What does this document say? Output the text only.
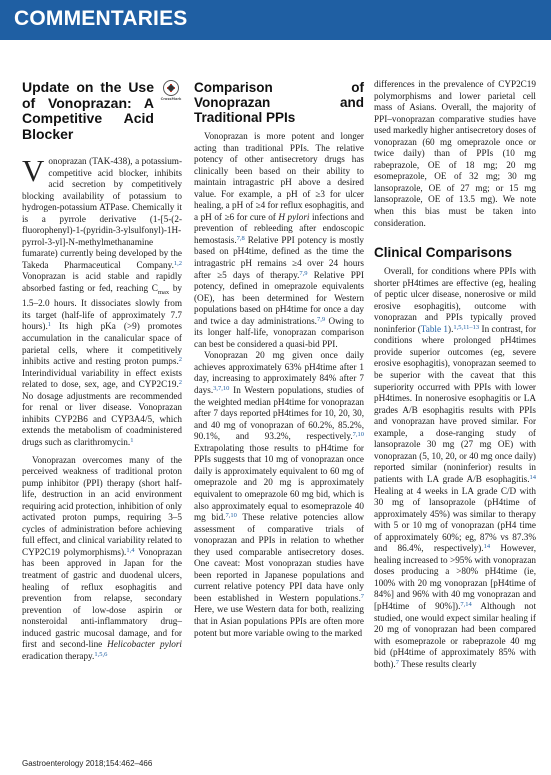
COMMENTARIES
Update on the Use of Vonoprazan: A Competitive Acid Blocker
CrossMark

Vonoprazan (TAK-438), a potassium-competitive acid blocker, inhibits acid secretion by competitively blocking availability of potassium to hydrogen-potassium ATPase. Chemically it is a pyrrole derivative (1-[5-(2-fluorophenyl)-1-(pyridin-3-ylsulfonyl)-1H-pyrrol-3-yl]-N-methylmethanamine fumarate) currently being developed by the Takeda Pharmaceutical Company.$^{1,2}$ Vonoprazan is acid stable and rapidly absorbed fasting or fed, reaching $C_{max}$ by 1.5–2.0 hours. It dissociates slowly from its target (half-life of approximately 7.7 hours).$^1$ Its high pKa (>9) promotes accumulation in the canalicular space of parietal cells, where it competitively inhibits active and resting proton pumps.$^2$ Interindividual variability in effect exists related to dose, sex, age, and CYP2C19.$^2$ No dosage adjustments are recommended for renal or liver disease. Vonoprazan inhibits CYP2B6 and CYP3A4/5, which extends the metabolism of coadministered drugs such as clarithromycin.$^1$

Vonoprazan overcomes many of the perceived weakness of traditional proton pump inhibitor (PPI) therapy (short half-life, destruction in an acid environment requiring acid protection, inhibition of only activated proton pumps, requiring 3–5 cycles of administration before achieving full effect, and clinical variability related to CYP2C19 polymorphisms).$^{1,4}$ Vonoprazan has been approved in Japan for the treatment of gastric and duodenal ulcers, healing of reflux esophagitis and prevention from relapse, secondary prevention of low-dose aspirin or nonsteroidal anti-inflammatory drug–induced gastric mucosal damage, and for first and second-line Helicobacter pylori eradication therapy.$^{1,5,6}$

Comparison of Vonoprazan and Traditional PPIs

Vonoprazan is more potent and longer acting than traditional PPIs. The relative potency of other antisecretory drugs has clinically been based on their ability to maintain intragastric pH above a desired value. For example, a pH of ≥3 for ulcer healing, a pH of ≥4 for reflux esophagitis, and a pH of ≥6 for cure of H pylori infections and prevention of rebleeding after endoscopic hemostasis.$^{7,8}$ Relative PPI potency is mostly based on pH4time, defined as the time the intragastric pH remains ≥4 over 24 hours after ≥5 days of therapy.$^{7,9}$ Relative PPI potency, defined in omeprazole equivalents (OE), has been determined for Western populations based on pH4time for once a day and twice a day administrations.$^{7,9}$ Owing to its longer half-life, vonoprazan comparison can best be considered a quasi-bid PPI.

Vonoprazan 20 mg given once daily achieves approximately 63% pH4time after 1 day, increasing to approximately 84% after 7 days.$^{3,7,10}$ In Western populations, studies of the weighted median pH4time for vonoprazan after 7 days reported pH4times for 10, 20, 30, and 40 mg of vonoprazan of 60.2%, 85.2%, 90.1%, and 93.2%, respectively.$^{7,10}$ Extrapolating those results to pH4time for PPIs suggests that 10 mg of vonoprazan once daily is approximately equivalent to 60 mg of omeprazole and 20 mg is approximately equivalent to omeprazole 60 mg bid, which is also approximately equal to esomeprazole 40 mg bid.$^{7,10}$ These relative potencies allow assessment of comparative trials of vonoprazan and PPIs in relation to whether they used comparable antisecretory doses. One caveat: Most vonoprazan studies have been reported in Japanese populations and current relative potency PPI data have only been established in Western populations.$^7$ Here, we use Western data for both, realizing that in Asian populations PPIs are often more potent but more variable owing to the marked

differences in the prevalence of CYP2C19 polymorphisms and lower parietal cell mass of Asians. Overall, the majority of PPI–vonoprazan comparative studies have used markedly higher antisecretory doses of vonoprazan (60 mg omeprazole once or twice daily) than of PPIs (10 mg rabeprazole, OE of 18 mg; 20 mg esomeprazole, OE of 32 mg; 30 mg lansoprazole, OE of 27 mg; or 15 mg lansoprazole, OE of 13.5 mg). We note when this bias must be taken into consideration.

Clinical Comparisons

Overall, for conditions where PPIs with shorter pH4times are effective (eg, healing of peptic ulcer disease, nonerosive or mild erosive esophagitis), outcome with vonoprazan and PPIs typically proved noninferior (Table 1).$^{1,5,11-13}$ In contrast, for conditions where prolonged pH4times provide superior outcomes (eg, severe erosive esophagitis), vonoprazan seemed to be superior with the caveat that this superiority occurred with PPIs with lower pH4times. In nonerosive esophagitis or LA grades A/B esophagitis results with PPIs and vonoprazan have proved similar. For example, a dose-ranging study of lansoprazole 30 mg (27 mg OE) with vonoprazan (5, 10, 20, or 40 mg once daily) reported similar (noninferior) results in patients with LA grade A/B esophagitis.$^{14}$ Healing at 4 weeks in LA grade C/D with 30 mg of lansoprazole (pH4time of approximately 45%) was similar to therapy with 5 or 10 mg of vonoprazan (pH4 time of approximately 60%; eg, 87% vs 87.3% and 86.4%, respectively).$^{14}$ However, healing increased to >95% with vonoprazan doses producing a >80% pH4time (ie, 100% with 20 mg vonoprazan [pH4time of 84%] and 96% with 40 mg vonoprazan and [pH4time of 90%]).$^{7,14}$ Although not studied, one would expect similar healing if 20 mg of vonoprazan had been compared with esomeprazole or rabeprazole 40 mg bid (pH4time of approximately 85% with both).$^7$ These results clearly

Gastroenterology 2018;154:462–466
